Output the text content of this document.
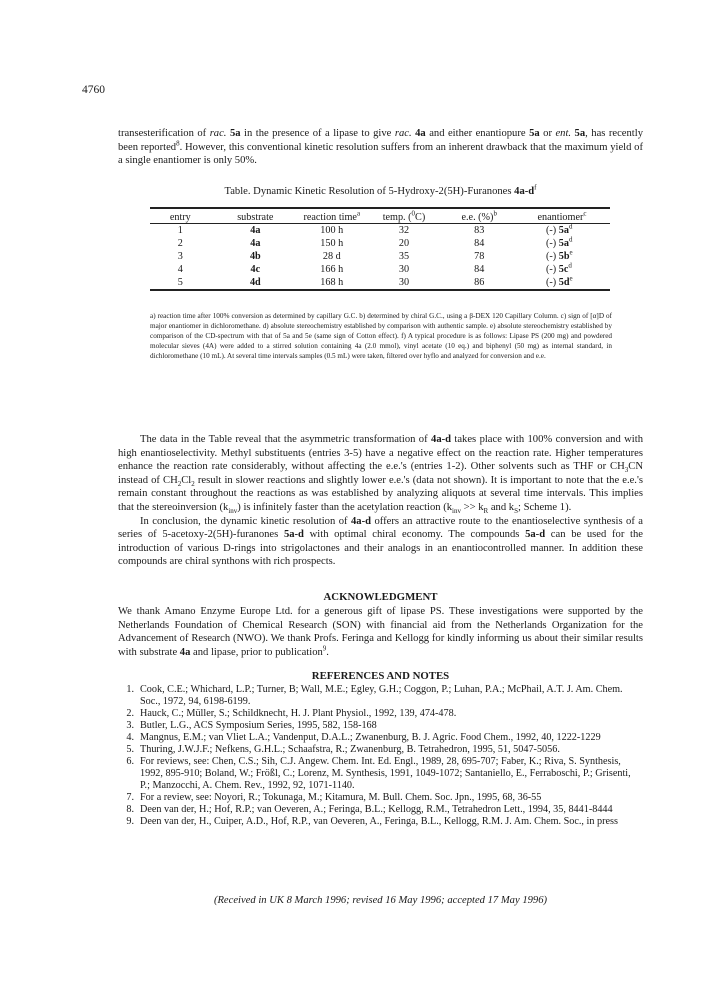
4760
transesterification of rac. 5a in the presence of a lipase to give rac. 4a and either enantiopure 5a or ent. 5a, has recently been reported$^8$. However, this conventional kinetic resolution suffers from an inherent drawback that the maximum yield of a single enantiomer is only 50%.
Table. Dynamic Kinetic Resolution of 5-Hydroxy-2(5H)-Furanones $4a-d^f$
entry	substrate	reaction time$^a$	temp. ($^0$C)	e.e. (%)$^b$	enantiomer$^c$
1	4a	100 h	32	83	(-) $5a^d$
2	4a	150 h	20	84	(-) $5a^d$
3	4b	28 d	35	78	(-) $5b^e$
4	4c	166 h	30	84	(-) $5c^d$
5	4d	168 h	30	86	(-) $5d^e$
a) reaction time after 100% conversion as determined by capillary G.C. b) determined by chiral G.C., using a β-DEX 120 Capillary Column. c) sign of [α]D of major enantiomer in dichloromethane. d) absolute stereochemistry established by comparison with authentic sample. e) absolute stereochemistry established by comparison of the CD-spectrum with that of 5a and 5e (same sign of Cotton effect). f) A typical procedure is as follows: Lipase PS (200 mg) and powdered molecular sieves (4A) were added to a stirred solution containing 4a (2.0 mmol), vinyl acetate (10 eq.) and biphenyl (50 mg) as internal standard, in dichloromethane (10 mL). At several time intervals samples (0.5 mL) were taken, filtered over hyflo and analyzed for conversion and e.e.

The data in the Table reveal that the asymmetric transformation of 4a-d takes place with 100% conversion and with high enantioselectivity. Methyl substituents (entries 3-5) have a negative effect on the reaction rate. Higher temperatures enhance the reaction rate considerably, without affecting the e.e.'s (entries 1-2). Other solvents such as THF or $CH_3CN$ instead of $CH_2Cl_2$ result in slower reactions and slightly lower e.e.'s (data not shown). It is important to note that the e.e.'s remain constant throughout the reactions as was established by analyzing aliquots at several time intervals. This implies that the stereoinversion $(k_{inv})$ is infinitely faster than the acetylation reaction ($k_{inv} >> k_R$ and $k_S$; Scheme 1).

In conclusion, the dynamic kinetic resolution of 4a-d offers an attractive route to the enantioselective synthesis of a series of 5-acetoxy-2(5H)-furanones 5a-d with optimal chiral economy. The compounds 5a-d can be used for the introduction of various D-rings into strigolactones and their analogs in an enantiocontrolled manner. In addition these compounds are chiral synthons with rich prospects.

ACKNOWLEDGMENT
We thank Amano Enzyme Europe Ltd. for a generous gift of lipase PS. These investigations were supported by the Netherlands Foundation of Chemical Research (SON) with financial aid from the Netherlands Organization for the Advancement of Research (NWO). We thank Profs. Feringa and Kellogg for kindly informing us about their similar results with substrate 4a and lipase, prior to publication$^9$.
REFERENCES AND NOTES
1. Cook, C.E.; Whichard, L.P.; Turner, B; Wall, M.E.; Egley, G.H.; Coggon, P.; Luhan, P.A.; McPhail, A.T. J. Am. Chem. Soc., 1972, 94, 6198-6199.
2. Hauck, C.; Müller, S.; Schildknecht, H. J. Plant Physiol., 1992, 139, 474-478.
3. Butler, L.G., ACS Symposium Series, 1995, 582, 158-168
4. Mangnus, E.M.; van Vliet L.A.; Vandenput, D.A.L.; Zwanenburg, B. J. Agric. Food Chem., 1992, 40, 1222-1229
5. Thuring, J.W.J.F.; Nefkens, G.H.L.; Schaafstra, R.; Zwanenburg, B. Tetrahedron, 1995, 51, 5047-5056.
6. For reviews, see: Chen, C.S.; Sih, C.J. Angew. Chem. Int. Ed. Engl., 1989, 28, 695-707; Faber, K.; Riva, S. Synthesis, 1992, 895-910; Boland, W.; Frößl, C.; Lorenz, M. Synthesis, 1991, 1049-1072; Santaniello, E., Ferraboschi, P.; Grisenti, P.; Manzocchi, A. Chem. Rev., 1992, 92, 1071-1140.
7. For a review, see: Noyori, R.; Tokunaga, M.; Kitamura, M. Bull. Chem. Soc. Jpn., 1995, 68, 36-55
8. Deen van der, H.; Hof, R.P.; van Oeveren, A.; Feringa, B.L.; Kellogg, R.M., Tetrahedron Lett., 1994, 35, 8441-8444
9. Deen van der, H., Cuiper, A.D., Hof, R.P., van Oeveren, A., Feringa, B.L., Kellogg, R.M. J. Am. Chem. Soc., in press
(Received in UK 8 March 1996; revised 16 May 1996; accepted 17 May 1996)
